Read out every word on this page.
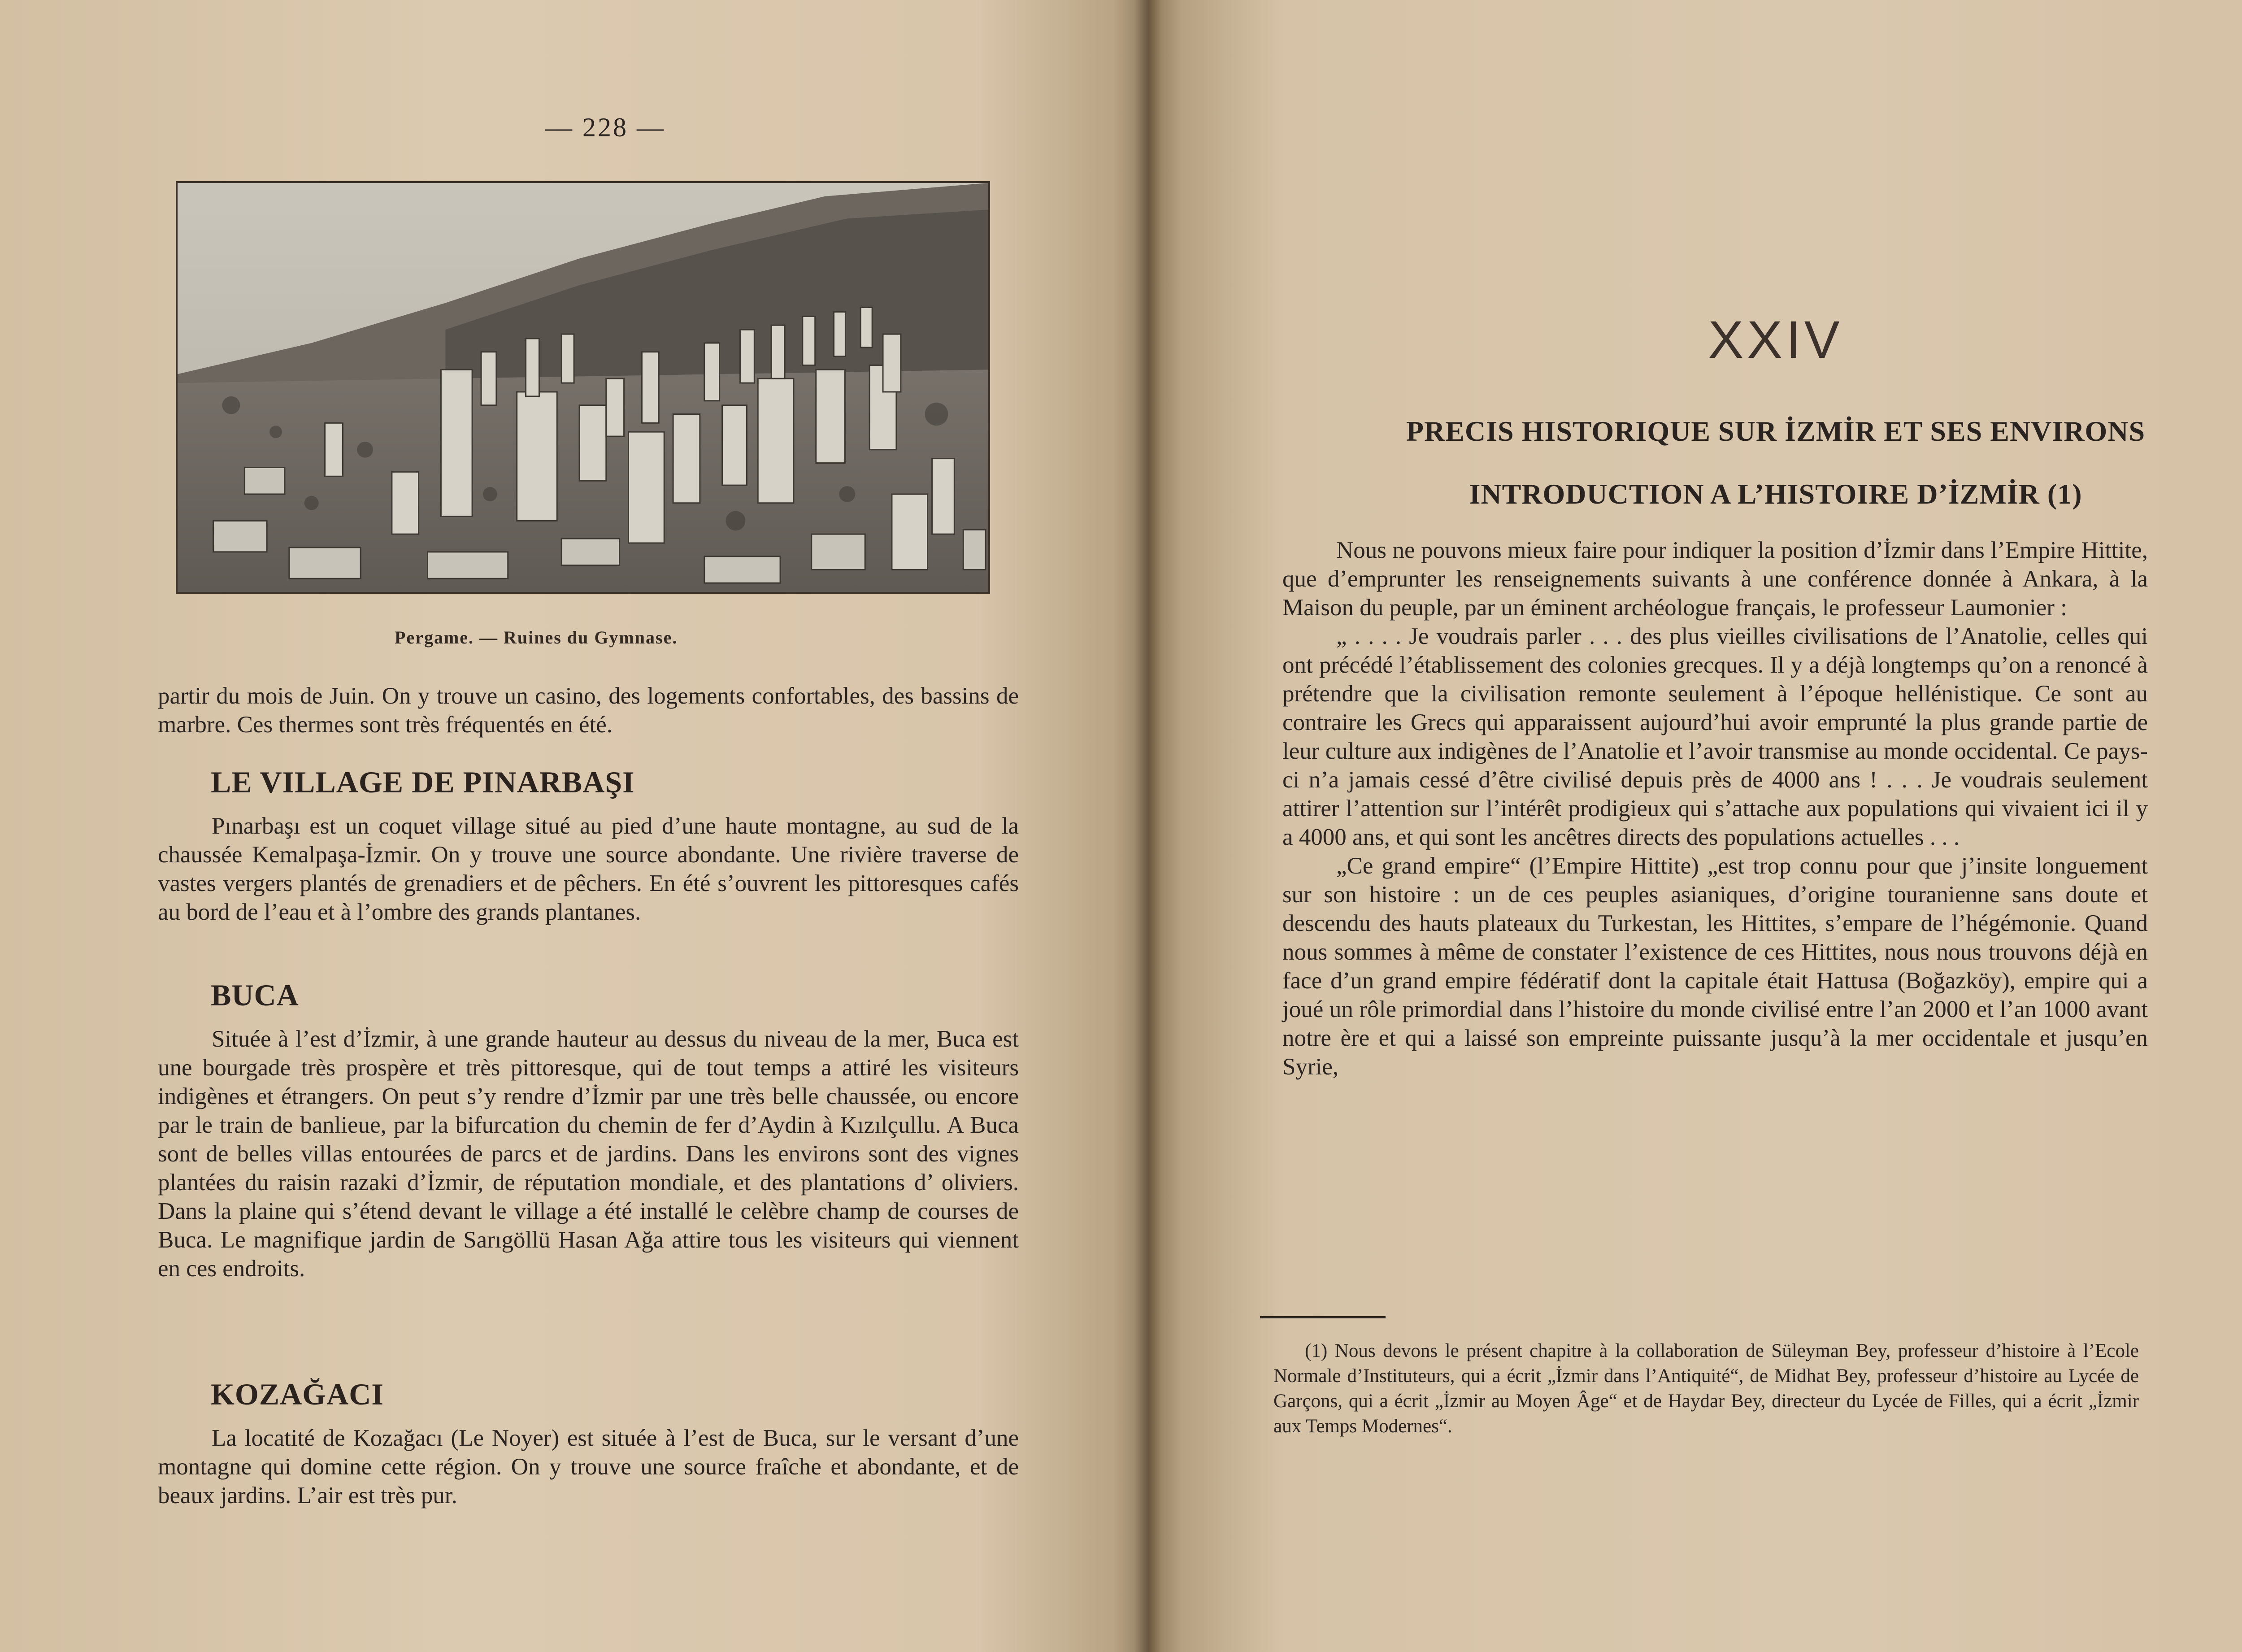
— 228 —
Pergame. — Ruines du Gymnase.

partir du mois de Juin. On y trouve un casino, des logements confortables, des bassins de marbre. Ces thermes sont très fréquentés en été.

LE VILLAGE DE PINARBAŞI

Pınarbaşı est un coquet village situé au pied d’une haute montagne, au sud de la chaussée Kemalpaşa-İzmir. On y trouve une source abondante. Une rivière traverse de vastes vergers plantés de grenadiers et de pêchers. En été s’ouvrent les pittoresques cafés au bord de l’eau et à l’ombre des grands plantanes.

BUCA

Située à l’est d’İzmir, à une grande hauteur au dessus du niveau de la mer, Buca est une bourgade très prospère et très pittoresque, qui de tout temps a attiré les visiteurs indigènes et étrangers. On peut s’y rendre d’İzmir par une très belle chaussée, ou encore par le train de banlieue, par la bifurcation du chemin de fer d’Aydin à Kızılçullu. A Buca sont de belles villas entourées de parcs et de jardins. Dans les environs sont des vignes plantées du raisin razaki d’İzmir, de réputation mondiale, et des plantations d’ oliviers. Dans la plaine qui s’étend devant le village a été installé le celèbre champ de courses de Buca. Le magnifique jardin de Sarıgöllü Hasan Ağa attire tous les visiteurs qui viennent en ces endroits.

KOZAĞACI

La locatité de Kozağacı (Le Noyer) est située à l’est de Buca, sur le versant d’une montagne qui domine cette région. On y trouve une source fraîche et abondante, et de beaux jardins. L’air est très pur.

XXIV
PRECIS HISTORIQUE SUR İZMİR ET SES ENVIRONS
INTRODUCTION A L’HISTOIRE D’İZMİR (1)

Nous ne pouvons mieux faire pour indiquer la position d’İzmir dans l’Empire Hittite, que d’emprunter les renseignements suivants à une conférence donnée à Ankara, à la Maison du peuple, par un éminent archéologue français, le professeur Laumonier :

„ . . . . Je voudrais parler . . . des plus vieilles civilisations de l’Anatolie, celles qui ont précédé l’établissement des colonies grecques. Il y a déjà longtemps qu’on a renoncé à prétendre que la civilisation remonte seulement à l’époque hellénistique. Ce sont au contraire les Grecs qui apparaissent aujourd’hui avoir emprunté la plus grande partie de leur culture aux indigènes de l’Anatolie et l’avoir transmise au monde occidental. Ce pays-ci n’a jamais cessé d’être civilisé depuis près de 4000 ans ! . . . Je voudrais seulement attirer l’attention sur l’intérêt prodigieux qui s’attache aux populations qui vivaient ici il y a 4000 ans, et qui sont les ancêtres directs des populations actuelles . . .

„Ce grand empire“ (l’Empire Hittite) „est trop connu pour que j’insite longuement sur son histoire : un de ces peuples asianiques, d’origine touranienne sans doute et descendu des hauts plateaux du Turkestan, les Hittites, s’empare de l’hégémonie. Quand nous sommes à même de constater l’existence de ces Hittites, nous nous trouvons déjà en face d’un grand empire fédératif dont la capitale était Hattusa (Boğazköy), empire qui a joué un rôle primordial dans l’histoire du monde civilisé entre l’an 2000 et l’an 1000 avant notre ère et qui a laissé son empreinte puissante jusqu’à la mer occidentale et jusqu’en Syrie,

(1) Nous devons le présent chapitre à la collaboration de Süleyman Bey, professeur d’histoire à l’Ecole Normale d’Instituteurs, qui a écrit „İzmir dans l’Antiquité“, de Midhat Bey, professeur d’histoire au Lycée de Garçons, qui a écrit „İzmir au Moyen Âge“ et de Haydar Bey, directeur du Lycée de Filles, qui a écrit „İzmir aux Temps Modernes“.
